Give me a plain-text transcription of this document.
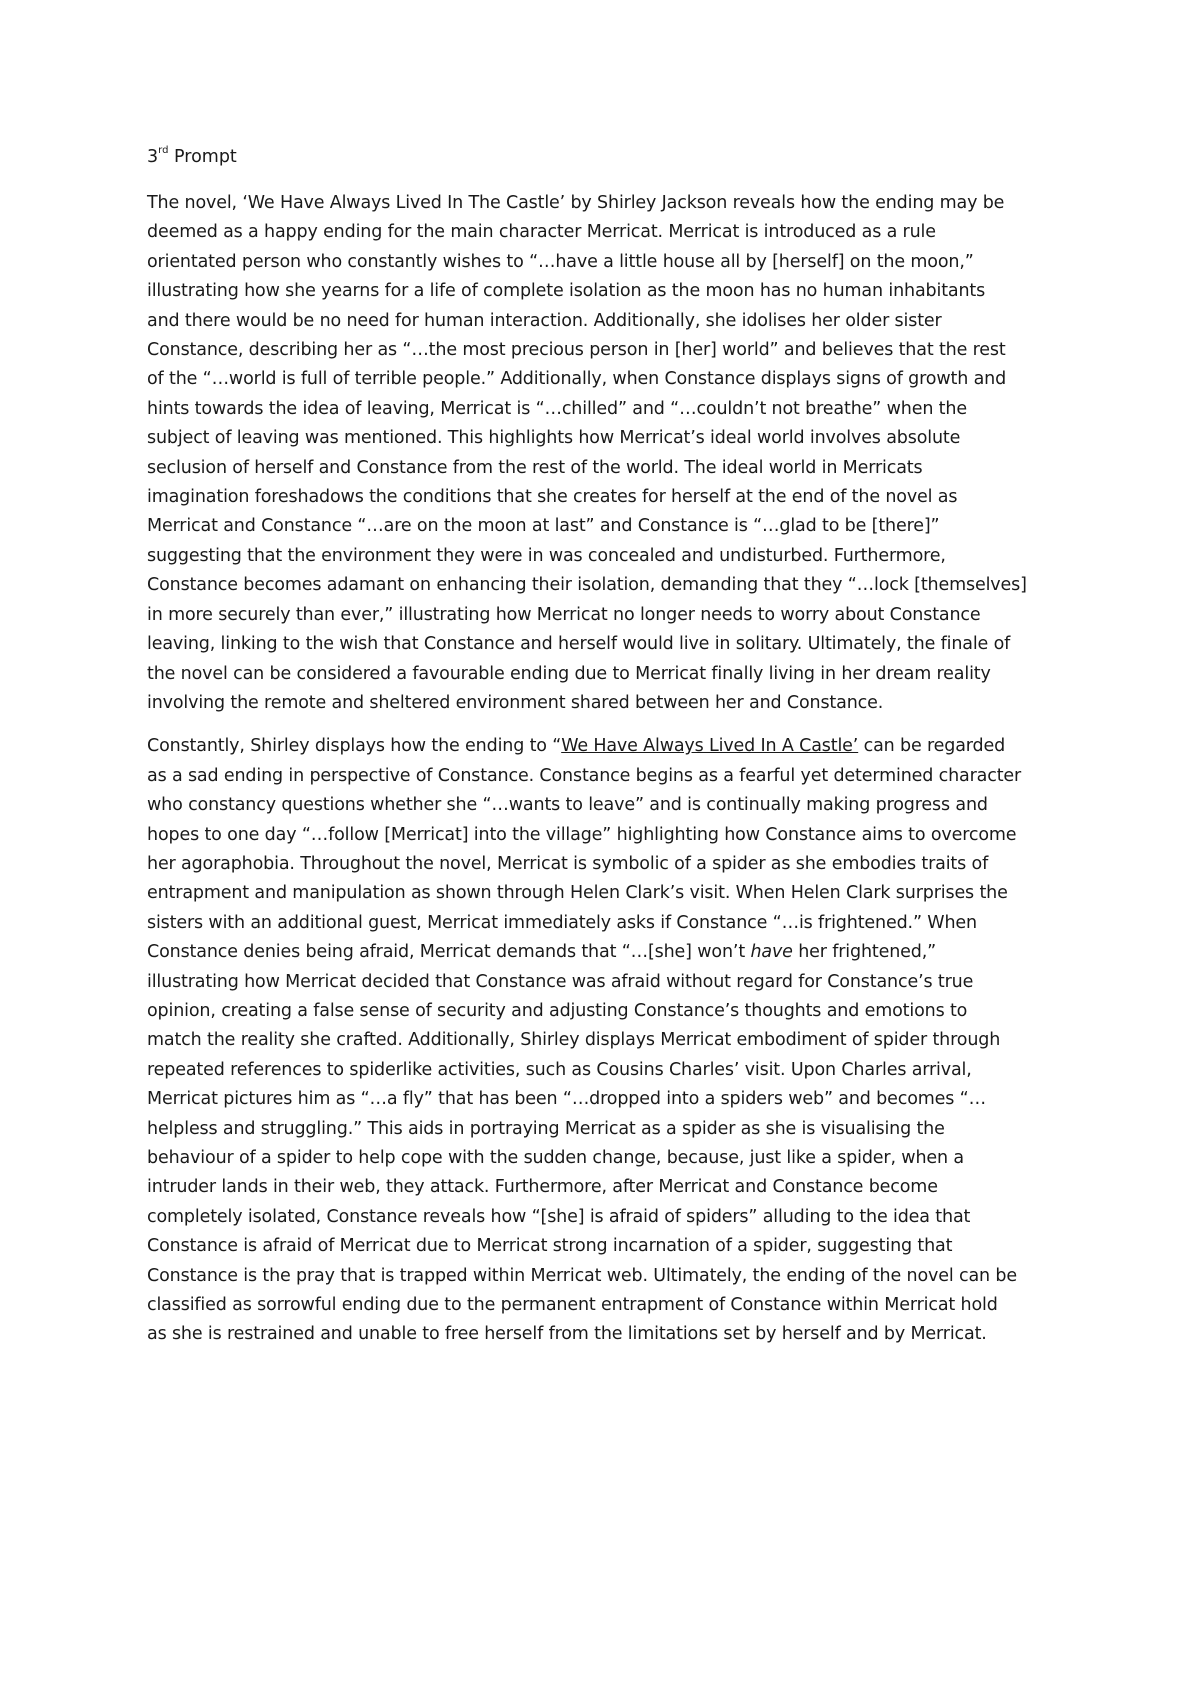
3rd Prompt
The novel, ‘We Have Always Lived In The Castle’ by Shirley Jackson reveals how the ending may be
deemed as a happy ending for the main character Merricat. Merricat is introduced as a rule
orientated person who constantly wishes to “…have a little house all by [herself] on the moon,”
illustrating how she yearns for a life of complete isolation as the moon has no human inhabitants
and there would be no need for human interaction. Additionally, she idolises her older sister
Constance, describing her as “…the most precious person in [her] world” and believes that the rest
of the “…world is full of terrible people.” Additionally, when Constance displays signs of growth and
hints towards the idea of leaving, Merricat is “…chilled” and “…couldn’t not breathe” when the
subject of leaving was mentioned. This highlights how Merricat’s ideal world involves absolute
seclusion of herself and Constance from the rest of the world. The ideal world in Merricats
imagination foreshadows the conditions that she creates for herself at the end of the novel as
Merricat and Constance “…are on the moon at last” and Constance is “…glad to be [there]”
suggesting that the environment they were in was concealed and undisturbed. Furthermore,
Constance becomes adamant on enhancing their isolation, demanding that they “…lock [themselves]
in more securely than ever,” illustrating how Merricat no longer needs to worry about Constance
leaving, linking to the wish that Constance and herself would live in solitary. Ultimately, the finale of
the novel can be considered a favourable ending due to Merricat finally living in her dream reality
involving the remote and sheltered environment shared between her and Constance.
Constantly, Shirley displays how the ending to “We Have Always Lived In A Castle’ can be regarded
as a sad ending in perspective of Constance. Constance begins as a fearful yet determined character
who constancy questions whether she “…wants to leave” and is continually making progress and
hopes to one day “…follow [Merricat] into the village” highlighting how Constance aims to overcome
her agoraphobia. Throughout the novel, Merricat is symbolic of a spider as she embodies traits of
entrapment and manipulation as shown through Helen Clark’s visit. When Helen Clark surprises the
sisters with an additional guest, Merricat immediately asks if Constance “…is frightened.” When
Constance denies being afraid, Merricat demands that “…[she] won’t have her frightened,”
illustrating how Merricat decided that Constance was afraid without regard for Constance’s true
opinion, creating a false sense of security and adjusting Constance’s thoughts and emotions to
match the reality she crafted. Additionally, Shirley displays Merricat embodiment of spider through
repeated references to spiderlike activities, such as Cousins Charles’ visit. Upon Charles arrival,
Merricat pictures him as “…a fly” that has been “…dropped into a spiders web” and becomes “…
helpless and struggling.” This aids in portraying Merricat as a spider as she is visualising the
behaviour of a spider to help cope with the sudden change, because, just like a spider, when a
intruder lands in their web, they attack. Furthermore, after Merricat and Constance become
completely isolated, Constance reveals how “[she] is afraid of spiders” alluding to the idea that
Constance is afraid of Merricat due to Merricat strong incarnation of a spider, suggesting that
Constance is the pray that is trapped within Merricat web. Ultimately, the ending of the novel can be
classified as sorrowful ending due to the permanent entrapment of Constance within Merricat hold
as she is restrained and unable to free herself from the limitations set by herself and by Merricat.
